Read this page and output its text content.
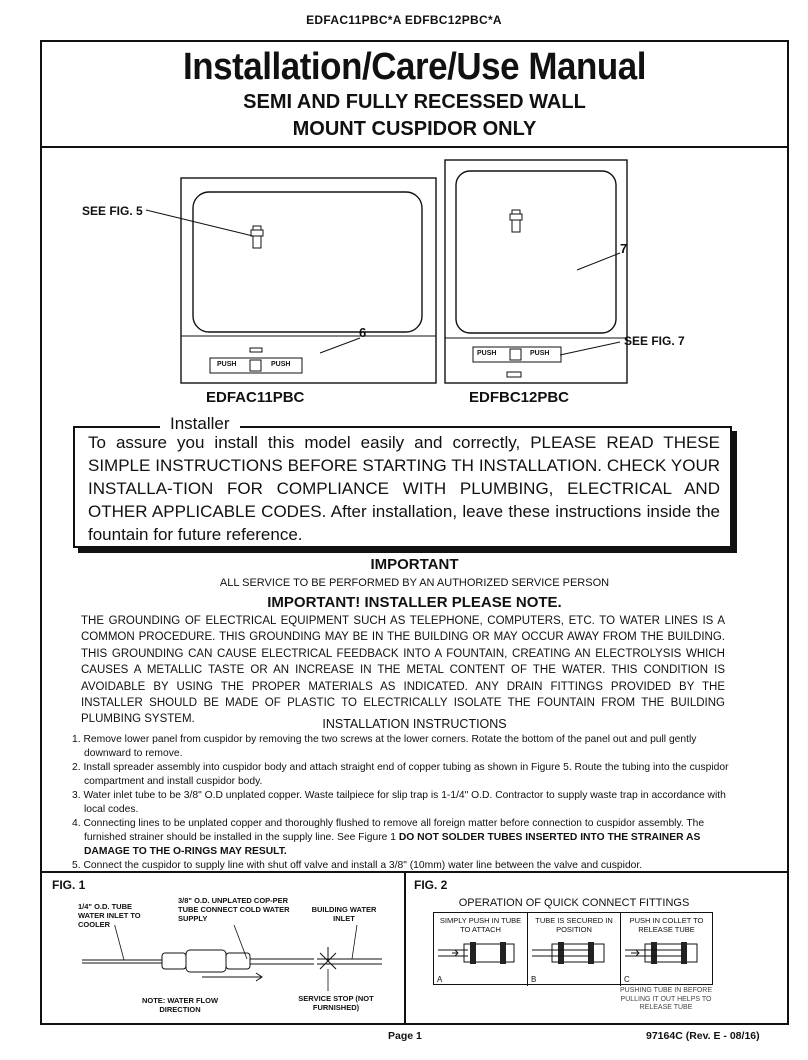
EDFAC11PBC*A EDFBC12PBC*A
Installation/Care/Use Manual
SEMI AND FULLY RECESSED WALL
MOUNT CUSPIDOR ONLY
SEE FIG. 5
SEE FIG. 7
6
7
PUSH	PUSH
PUSH	PUSH
EDFAC11PBC	EDFBC12PBC
Installer
To assure you install this model easily and correctly, PLEASE READ THESE SIMPLE INSTRUCTIONS BEFORE STARTING TH INSTALLATION. CHECK YOUR INSTALLA-TION FOR COMPLIANCE WITH PLUMBING, ELECTRICAL AND OTHER APPLICABLE CODES. After installation, leave these instructions inside the fountain for future reference.
IMPORTANT
ALL SERVICE TO BE PERFORMED BY AN AUTHORIZED SERVICE PERSON
IMPORTANT! INSTALLER PLEASE NOTE.
THE GROUNDING OF ELECTRICAL EQUIPMENT SUCH AS TELEPHONE, COMPUTERS, ETC. TO WATER LINES IS A COMMON PROCEDURE. THIS GROUNDING MAY BE IN THE BUILDING OR MAY OCCUR AWAY FROM THE BUILDING. THIS GROUNDING CAN CAUSE ELECTRICAL FEEDBACK INTO A FOUNTAIN, CREATING AN ELECTROLYSIS WHICH CAUSES A METALLIC TASTE OR AN INCREASE IN THE METAL CONTENT OF THE WATER. THIS CONDITION IS AVOIDABLE BY USING THE PROPER MATERIALS AS INDICATED. ANY DRAIN FITTINGS PROVIDED BY THE INSTALLER SHOULD BE MADE OF PLASTIC TO ELECTRICALLY ISOLATE THE FOUNTAIN FROM THE BUILDING PLUMBING SYSTEM.	INSTALLATION INSTRUCTIONS
1. Remove lower panel from cuspidor by removing the two screws at the lower corners. Rotate the bottom of the panel out and pull gently downward to remove.
2. Install spreader assembly into cuspidor body and attach straight end of copper tubing as shown in Figure 5. Route the tubing into the cuspidor compartment and install cuspidor body.
3. Water inlet tube to be 3/8" O.D unplated copper. Waste tailpiece for slip trap is 1-1/4" O.D. Contractor to supply waste trap in accordance with local codes.
4. Connecting lines to be unplated copper and thoroughly flushed to remove all foreign matter before connection to cuspidor assembly. The furnished strainer should be installed in the supply line. See Figure 1 DO NOT SOLDER TUBES INSERTED INTO THE STRAINER AS DAMAGE TO THE O-RINGS MAY RESULT.
5. Connect the cuspidor to supply line with shut off valve and install a 3/8" (10mm) water line between the valve and cuspidor.
FIG. 1
1/4" O.D. TUBE WATER INLET TO COOLER
3/8" O.D. UNPLATED COP-PER TUBE CONNECT COLD WATER SUPPLY
BUILDING WATER INLET
NOTE: WATER FLOW DIRECTION
SERVICE STOP (NOT FURNISHED)
FIG. 2
OPERATION OF QUICK CONNECT FITTINGS
SIMPLY PUSH IN TUBE TO ATTACH
A
TUBE IS SECURED IN POSITION
B
PUSH IN COLLET TO RELEASE TUBE
C
PUSHING TUBE IN BEFORE PULLING IT OUT HELPS TO RELEASE TUBE
Page 1	97164C (Rev. E - 08/16)
